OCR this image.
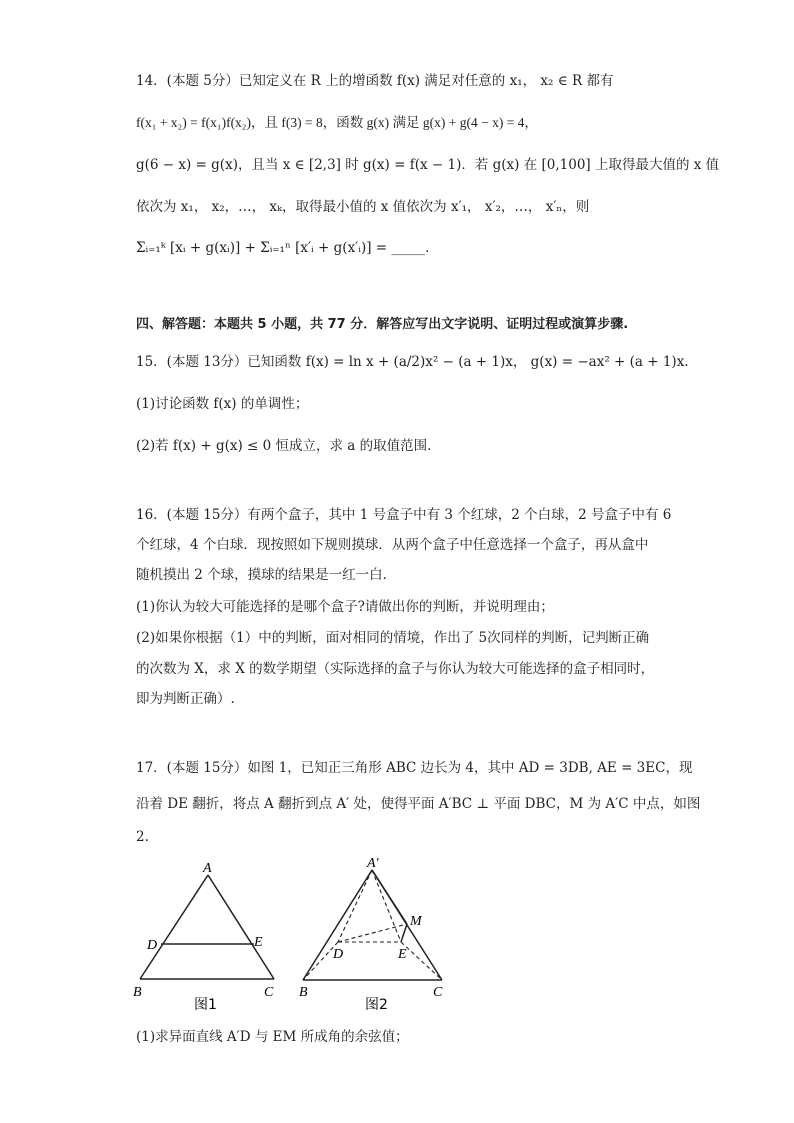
14．(本题 5分）已知定义在 R 上的增函数 f(x) 满足对任意的 x₁， x₂ ∈ R 都有
f(x₁ + x₂) = f(x₁)f(x₂)，且 f(3) = 8，函数 g(x) 满足 g(x) + g(4 − x) = 4，
g(6 − x) = g(x)，且当 x ∈ [2,3] 时 g(x) = f(x − 1)．若 g(x) 在 [0,100] 上取得最大值的 x 值
依次为 x₁， x₂，…， xₖ，取得最小值的 x 值依次为 x′₁， x′₂，…， x′ₙ，则
Σᵢ₌₁ᵏ [xᵢ + g(xᵢ)] + Σᵢ₌₁ⁿ [x′ᵢ + g(x′ᵢ)] = _____．
四、解答题：本题共 5 小题，共 77 分．解答应写出文字说明、证明过程或演算步骤.
15．(本题 13分）已知函数 f(x) = ln x + (a/2)x² − (a + 1)x， g(x) = −ax² + (a + 1)x.
(1)讨论函数 f(x) 的单调性；
(2)若 f(x) + g(x) ≤ 0 恒成立，求 a 的取值范围.
16．(本题 15分）有两个盒子，其中 1 号盒子中有 3 个红球，2 个白球，2 号盒子中有 6
个红球，4 个白球．现按照如下规则摸球．从两个盒子中任意选择一个盒子，再从盒中
随机摸出 2 个球，摸球的结果是一红一白．
(1)你认为较大可能选择的是哪个盒子?请做出你的判断，并说明理由；
(2)如果你根据（1）中的判断，面对相同的情境，作出了 5次同样的判断，记判断正确
的次数为 X，求 X 的数学期望（实际选择的盒子与你认为较大可能选择的盒子相同时，
即为判断正确）.
17．(本题 15分）如图 1，已知正三角形 ABC 边长为 4，其中 AD = 3DB, AE = 3EC，现
沿着 DE 翻折，将点 A 翻折到点 A′ 处，使得平面 A′BC ⊥ 平面 DBC，M 为 A′C 中点，如图
2.
A
D	E
B	C
图1
A′
M
D	E
B	C
图2
(1)求异面直线 A′D 与 EM 所成角的余弦值；
